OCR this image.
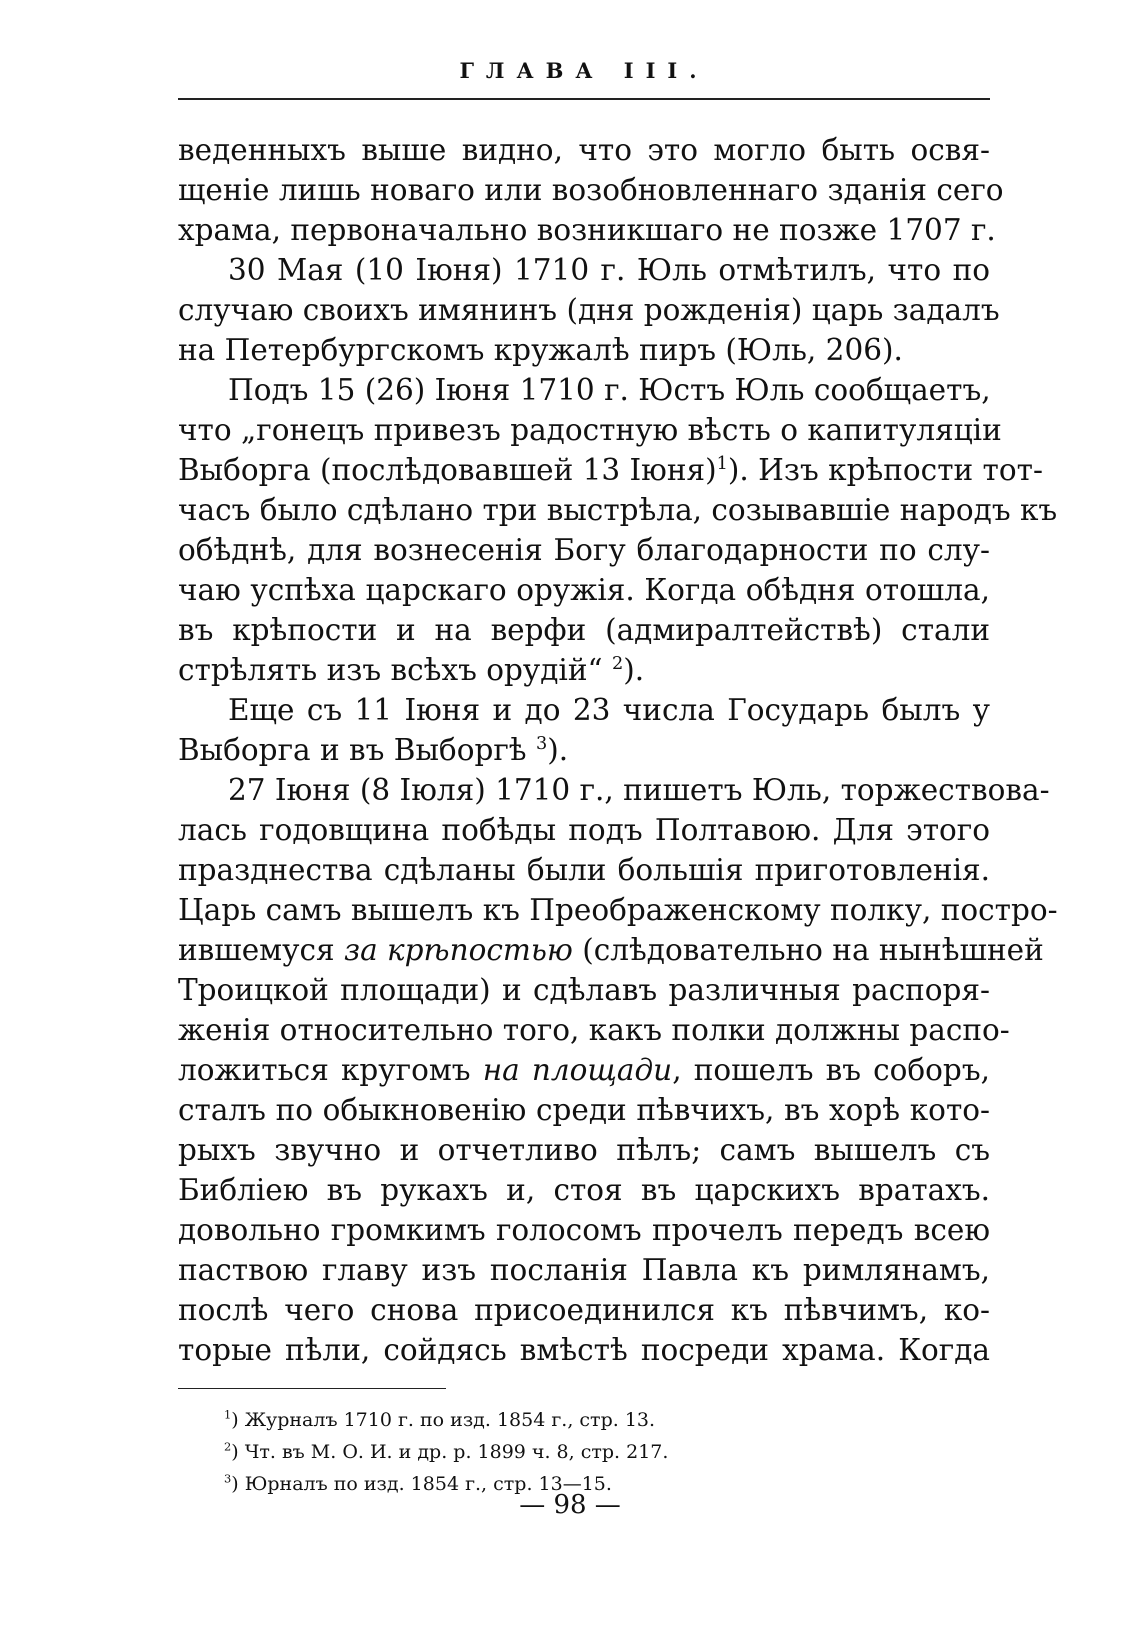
ГЛАВА III.
веденныхъ выше видно, что это могло быть освя-
щеніе лишь новаго или возобновленнаго зданія сего
храма, первоначально возникшаго не позже 1707 г.
30 Мая (10 Іюня) 1710 г. Юль отмѣтилъ, что по
случаю своихъ имянинъ (дня рожденія) царь задалъ
на Петербургскомъ кружалѣ пиръ (Юль, 206).
Подъ 15 (26) Іюня 1710 г. Юстъ Юль сообщаетъ,
что „гонецъ привезъ радостную вѣсть о капитуляціи
Выборга (послѣдовавшей 13 Іюня)$^1$). Изъ крѣпости тот-
часъ было сдѣлано три выстрѣла, созывавшіе народъ къ
обѣднѣ, для вознесенія Богу благодарности по слу-
чаю успѣха царскаго оружія. Когда обѣдня отошла,
въ крѣпости и на верфи (адмиралтействѣ) стали
стрѣлять изъ всѣхъ орудій“ $^2$).
Еще съ 11 Іюня и до 23 числа Государь былъ у
Выборга и въ Выборгѣ $^3$).
27 Іюня (8 Іюля) 1710 г., пишетъ Юль, торжествова-
лась годовщина побѣды подъ Полтавою. Для этого
празднества сдѣланы были большія приготовленія.
Царь самъ вышелъ къ Преображенскому полку, постро-
ившемуся за крѣпостью (слѣдовательно на нынѣшней
Троицкой площади) и сдѣлавъ различныя распоря-
женія относительно того, какъ полки должны распо-
ложиться кругомъ на площади, пошелъ въ соборъ,
сталъ по обыкновенію среди пѣвчихъ, въ хорѣ кото-
рыхъ звучно и отчетливо пѣлъ; самъ вышелъ съ
Библіею въ рукахъ и, стоя въ царскихъ вратахъ.
довольно громкимъ голосомъ прочелъ передъ всею
паствою главу изъ посланія Павла къ римлянамъ,
послѣ чего снова присоединился къ пѣвчимъ, ко-
торые пѣли, сойдясь вмѣстѣ посреди храма. Когда
$^1$) Журналъ 1710 г. по изд. 1854 г., стр. 13.
$^2$) Чт. въ М. О. И. и др. р. 1899 ч. 8, стр. 217.
$^3$) Юрналъ по изд. 1854 г., стр. 13—15.
— 98 —
